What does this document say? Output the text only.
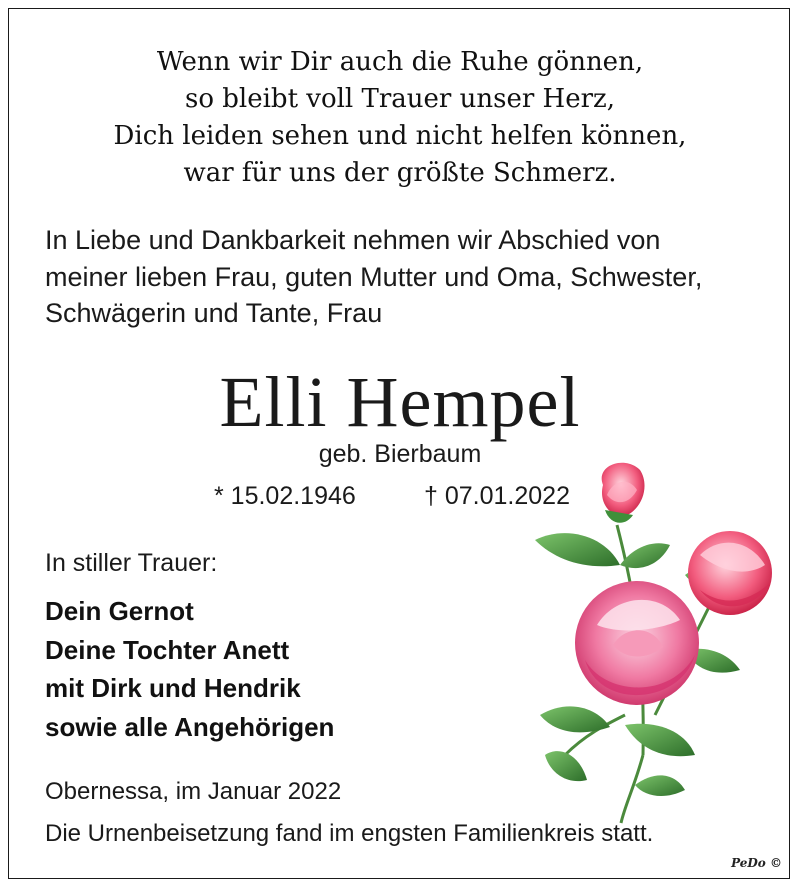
Wenn wir Dir auch die Ruhe gönnen,
so bleibt voll Trauer unser Herz,
Dich leiden sehen und nicht helfen können,
war für uns der größte Schmerz.
In Liebe und Dankbarkeit nehmen wir Abschied von
meiner lieben Frau, guten Mutter und Oma, Schwester,
Schwägerin und Tante, Frau
Elli Hempel
geb. Bierbaum
* 15.02.1946	† 07.01.2022
In stiller Trauer:
Dein Gernot
Deine Tochter Anett
mit Dirk und Hendrik
sowie alle Angehörigen
Obernessa, im Januar 2022
Die Urnenbeisetzung fand im engsten Familienkreis statt.
PeDo ©
